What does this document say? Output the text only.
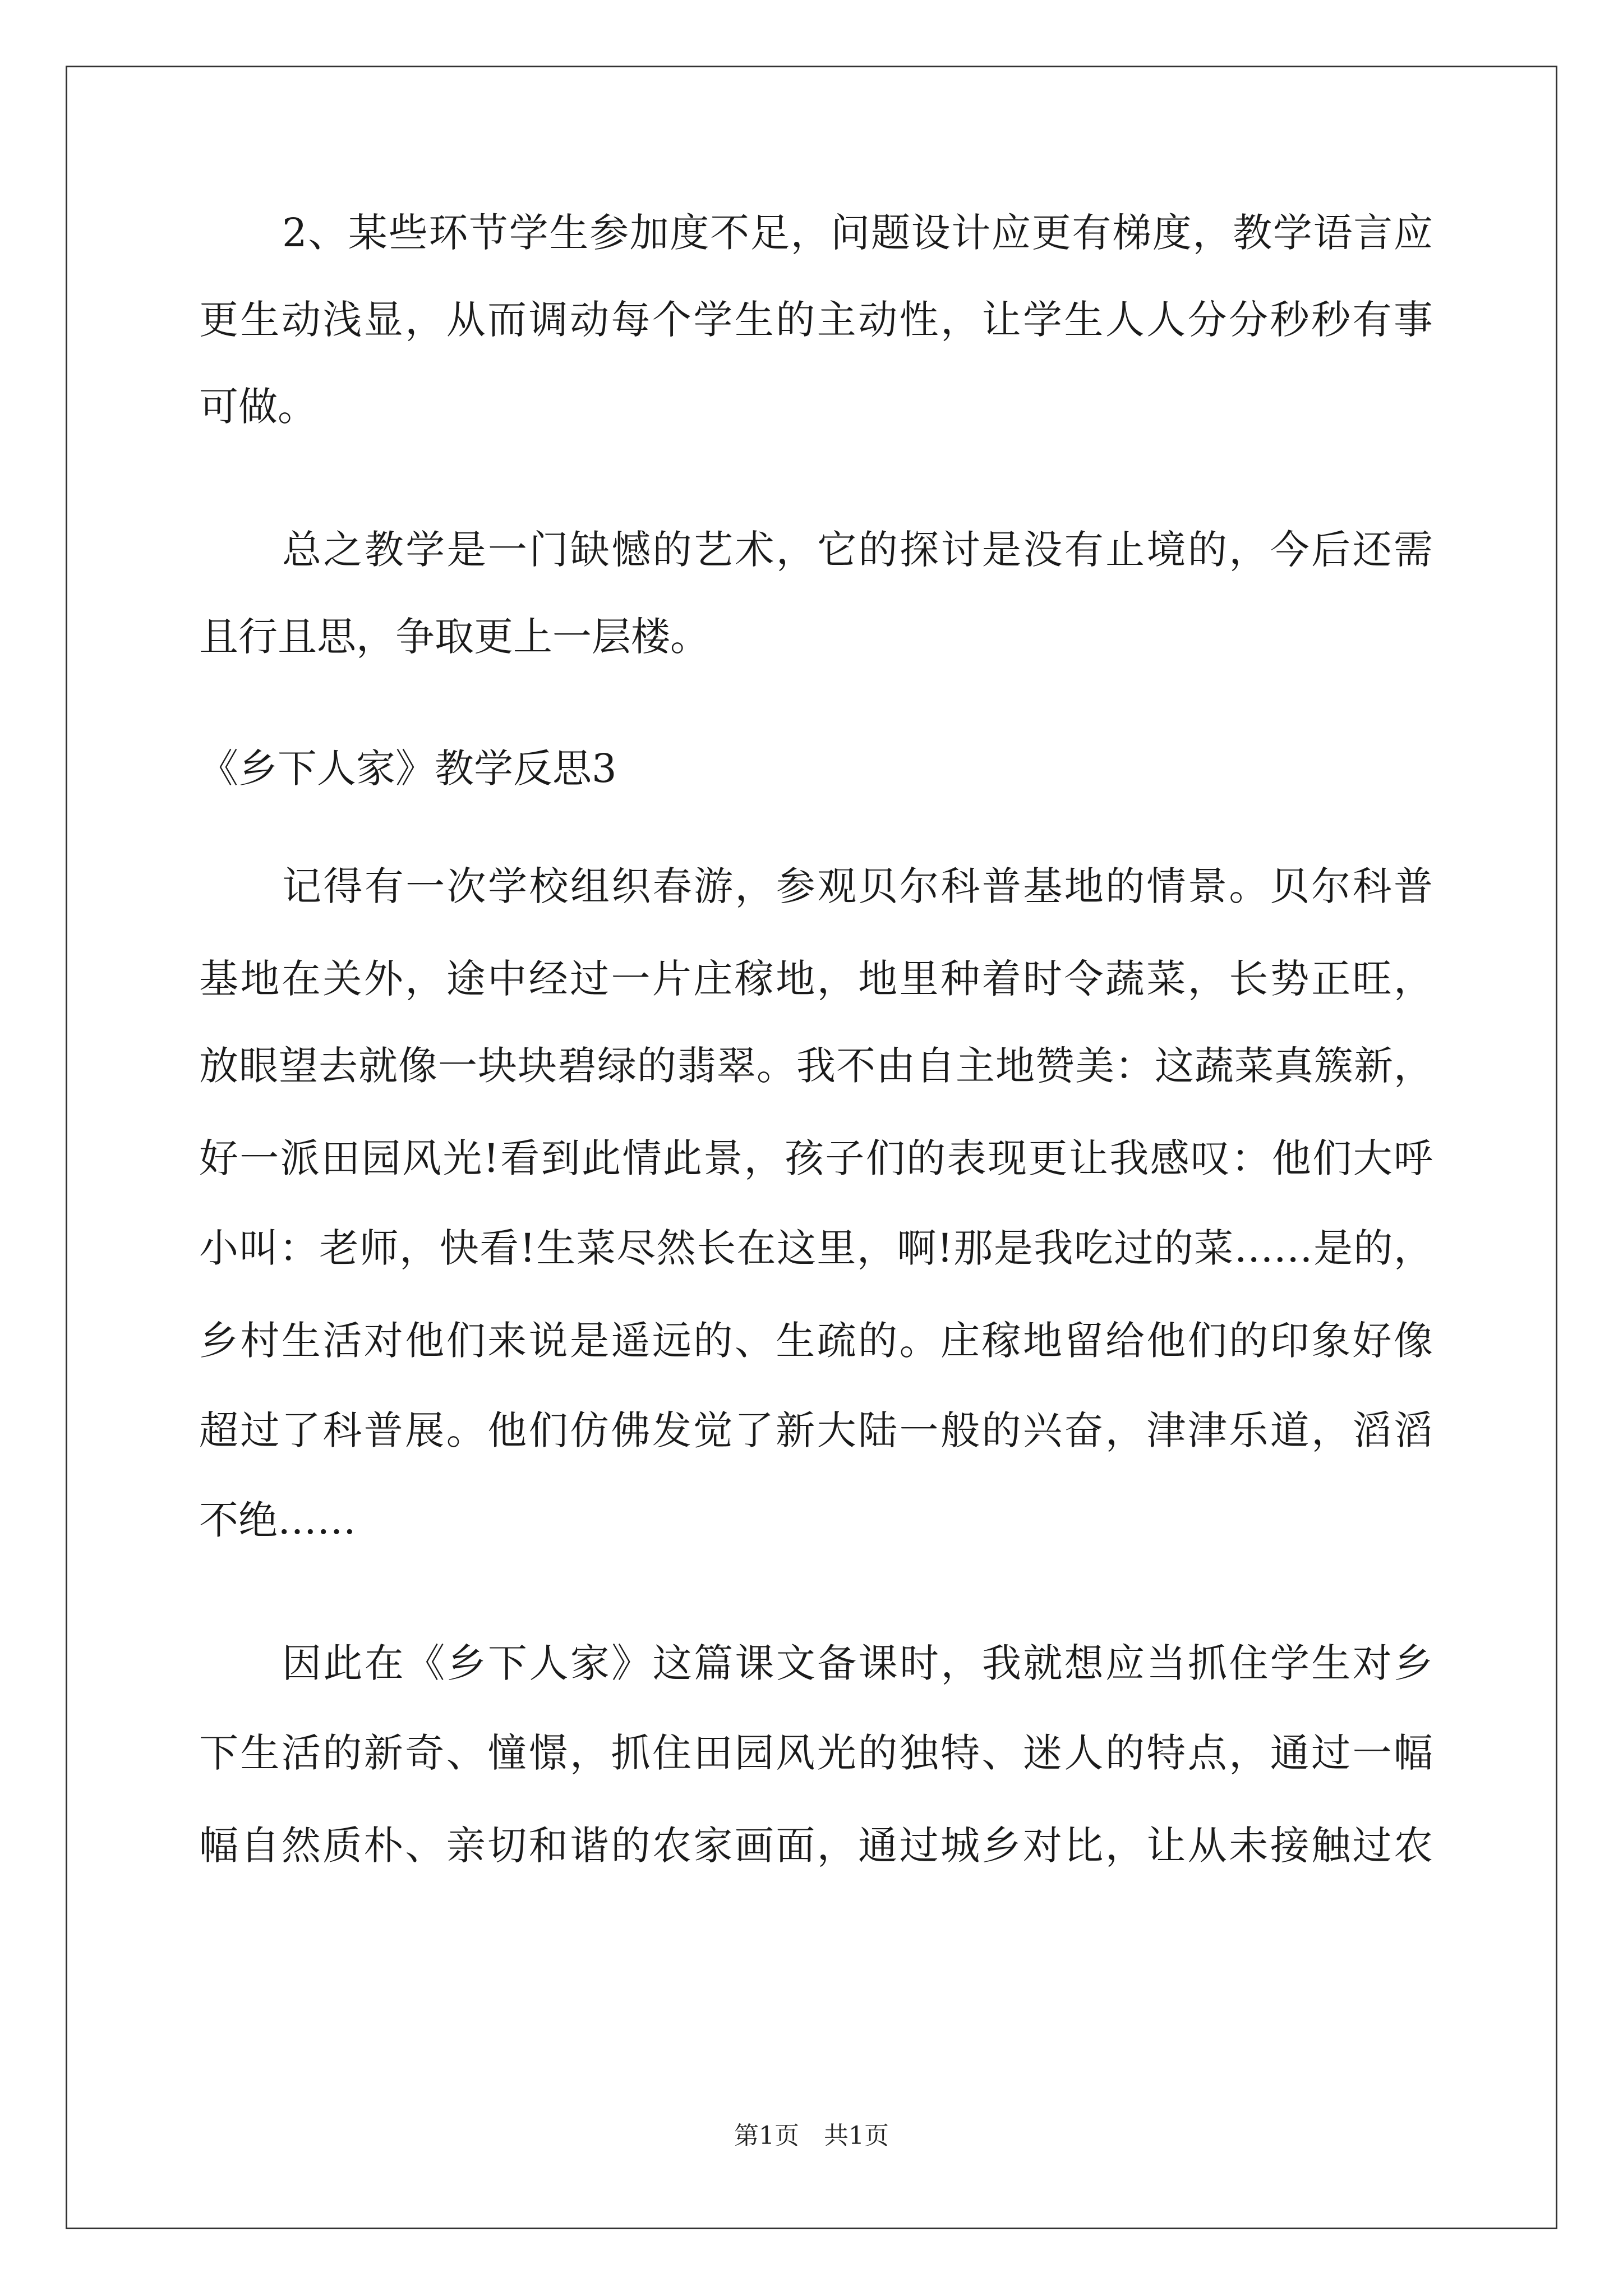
2、某些环节学生参加度不足，问题设计应更有梯度，教学语言应
更生动浅显，从而调动每个学生的主动性，让学生人人分分秒秒有事
可做。
总之教学是一门缺憾的艺术，它的探讨是没有止境的，今后还需
且行且思，争取更上一层楼。
《乡下人家》教学反思3
记得有一次学校组织春游，参观贝尔科普基地的情景。贝尔科普
基地在关外，途中经过一片庄稼地，地里种着时令蔬菜，长势正旺，
放眼望去就像一块块碧绿的翡翠。我不由自主地赞美：这蔬菜真簇新，
好一派田园风光!看到此情此景，孩子们的表现更让我感叹：他们大呼
小叫：老师，快看!生菜尽然长在这里，啊!那是我吃过的菜……是的，
乡村生活对他们来说是遥远的、生疏的。庄稼地留给他们的印象好像
超过了科普展。他们仿佛发觉了新大陆一般的兴奋，津津乐道，滔滔
不绝……
因此在《乡下人家》这篇课文备课时，我就想应当抓住学生对乡
下生活的新奇、憧憬，抓住田园风光的独特、迷人的特点，通过一幅
幅自然质朴、亲切和谐的农家画面，通过城乡对比，让从未接触过农
第1页　共1页
